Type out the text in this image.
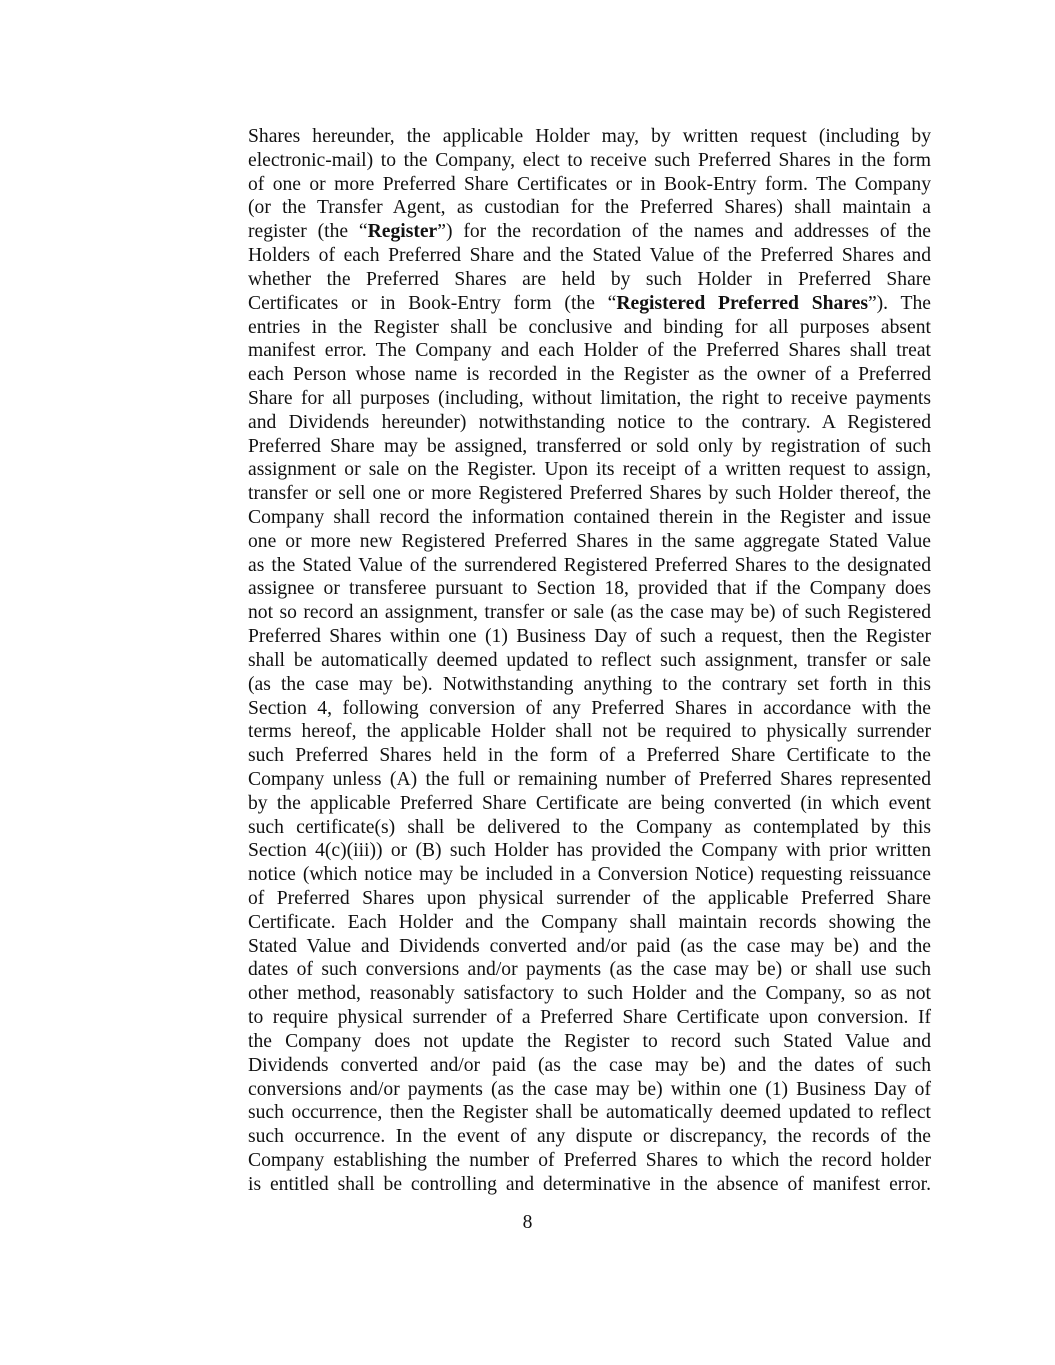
Shares hereunder, the applicable Holder may, by written request (including by
electronic-mail) to the Company, elect to receive such Preferred Shares in the form
of one or more Preferred Share Certificates or in Book-Entry form. The Company
(or the Transfer Agent, as custodian for the Preferred Shares) shall maintain a
register (the “Register”) for the recordation of the names and addresses of the
Holders of each Preferred Share and the Stated Value of the Preferred Shares and
whether the Preferred Shares are held by such Holder in Preferred Share
Certificates or in Book-Entry form (the “Registered Preferred Shares”). The
entries in the Register shall be conclusive and binding for all purposes absent
manifest error. The Company and each Holder of the Preferred Shares shall treat
each Person whose name is recorded in the Register as the owner of a Preferred
Share for all purposes (including, without limitation, the right to receive payments
and Dividends hereunder) notwithstanding notice to the contrary. A Registered
Preferred Share may be assigned, transferred or sold only by registration of such
assignment or sale on the Register. Upon its receipt of a written request to assign,
transfer or sell one or more Registered Preferred Shares by such Holder thereof, the
Company shall record the information contained therein in the Register and issue
one or more new Registered Preferred Shares in the same aggregate Stated Value
as the Stated Value of the surrendered Registered Preferred Shares to the designated
assignee or transferee pursuant to Section 18, provided that if the Company does
not so record an assignment, transfer or sale (as the case may be) of such Registered
Preferred Shares within one (1) Business Day of such a request, then the Register
shall be automatically deemed updated to reflect such assignment, transfer or sale
(as the case may be). Notwithstanding anything to the contrary set forth in this
Section 4, following conversion of any Preferred Shares in accordance with the
terms hereof, the applicable Holder shall not be required to physically surrender
such Preferred Shares held in the form of a Preferred Share Certificate to the
Company unless (A) the full or remaining number of Preferred Shares represented
by the applicable Preferred Share Certificate are being converted (in which event
such certificate(s) shall be delivered to the Company as contemplated by this
Section 4(c)(iii)) or (B) such Holder has provided the Company with prior written
notice (which notice may be included in a Conversion Notice) requesting reissuance
of Preferred Shares upon physical surrender of the applicable Preferred Share
Certificate. Each Holder and the Company shall maintain records showing the
Stated Value and Dividends converted and/or paid (as the case may be) and the
dates of such conversions and/or payments (as the case may be) or shall use such
other method, reasonably satisfactory to such Holder and the Company, so as not
to require physical surrender of a Preferred Share Certificate upon conversion. If
the Company does not update the Register to record such Stated Value and
Dividends converted and/or paid (as the case may be) and the dates of such
conversions and/or payments (as the case may be) within one (1) Business Day of
such occurrence, then the Register shall be automatically deemed updated to reflect
such occurrence. In the event of any dispute or discrepancy, the records of the
Company establishing the number of Preferred Shares to which the record holder
is entitled shall be controlling and determinative in the absence of manifest error.
8
